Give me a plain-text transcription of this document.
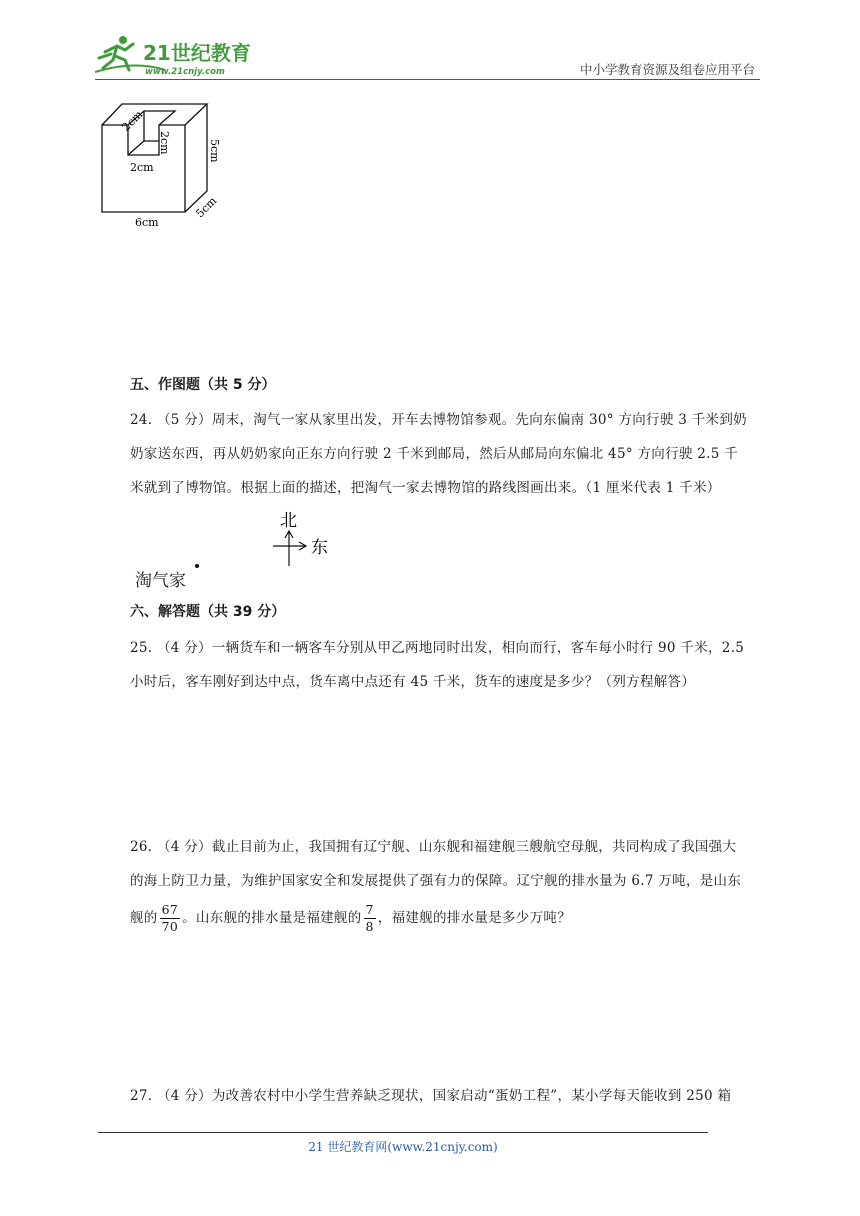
21世纪教育
www.21cnjy.com	中小学教育资源及组卷应用平台
2cm
2cm
2cm
5cm
6cm
5cm
五、作图题（共 5 分）
24. （5 分）周末，淘气一家从家里出发，开车去博物馆参观。先向东偏南 30° 方向行驶 3 千米到奶
奶家送东西，再从奶奶家向正东方向行驶 2 千米到邮局，然后从邮局向东偏北 45° 方向行驶 2.5 千
米就到了博物馆。根据上面的描述，把淘气一家去博物馆的路线图画出来。（1 厘米代表 1 千米）
北
东
淘气家
六、解答题（共 39 分）
25. （4 分）一辆货车和一辆客车分别从甲乙两地同时出发，相向而行，客车每小时行 90 千米，2.5
小时后，客车刚好到达中点，货车离中点还有 45 千米，货车的速度是多少？（列方程解答）
26. （4 分）截止目前为止，我国拥有辽宁舰、山东舰和福建舰三艘航空母舰，共同构成了我国强大
的海上防卫力量，为维护国家安全和发展提供了强有力的保障。辽宁舰的排水量为 6.7 万吨，是山东
舰的 $\frac{67}{70}$ 。山东舰的排水量是福建舰的 $\frac{7}{8}$ ，福建舰的排水量是多少万吨？
27. （4 分）为改善农村中小学生营养缺乏现状，国家启动“蛋奶工程”，某小学每天能收到 250 箱
21 世纪教育网(www.21cnjy.com)
